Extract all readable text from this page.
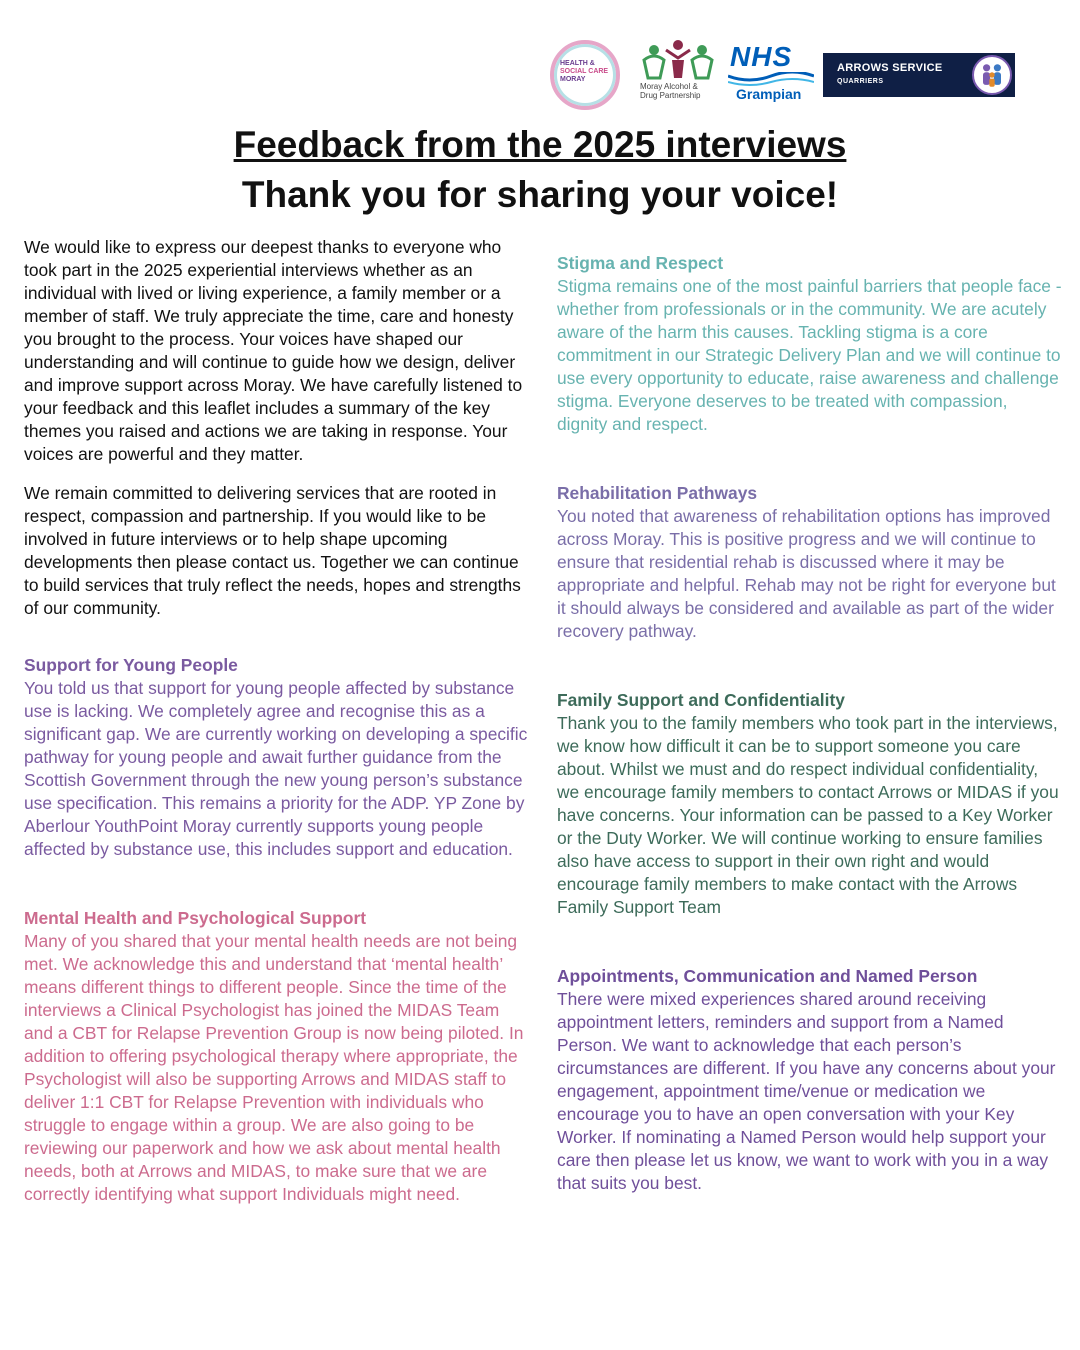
HEALTH &
SOCIAL CARE
MORAY
Moray Alcohol &
Drug Partnership
NHS
Grampian
ARROWS SERVICE
QUARRIERS
Feedback from the 2025 interviews
Thank you for sharing your voice!

We would like to express our deepest thanks to everyone who took part in the 2025 experiential interviews whether as an individual with lived or living experience, a family member or a member of staff. We truly appreciate the time, care and honesty you brought to the process. Your voices have shaped our understanding and will continue to guide how we design, deliver and improve support across Moray. We have carefully listened to your feedback and this leaflet includes a summary of the key themes you raised and actions we are taking in response. Your voices are powerful and they matter.

We remain committed to delivering services that are rooted in respect, compassion and partnership. If you would like to be involved in future interviews or to help shape upcoming developments then please contact us. Together we can continue to build services that truly reflect the needs, hopes and strengths of our community.

Support for Young People
You told us that support for young people affected by substance use is lacking. We completely agree and recognise this as a significant gap. We are currently working on developing a specific pathway for young people and await further guidance from the Scottish Government through the new young person’s substance use specification. This remains a priority for the ADP. YP Zone by Aberlour YouthPoint Moray currently supports young people affected by substance use, this includes support and education.
Mental Health and Psychological Support
Many of you shared that your mental health needs are not being met. We acknowledge this and understand that ‘mental health’ means different things to different people. Since the time of the interviews a Clinical Psychologist has joined the MIDAS Team and a CBT for Relapse Prevention Group is now being piloted. In addition to offering psychological therapy where appropriate, the Psychologist will also be supporting Arrows and MIDAS staff to deliver 1:1 CBT for Relapse Prevention with individuals who struggle to engage within a group. We are also going to be reviewing our paperwork and how we ask about mental health needs, both at Arrows and MIDAS, to make sure that we are correctly identifying what support Individuals might need.
Stigma and Respect
Stigma remains one of the most painful barriers that people face - whether from professionals or in the community. We are acutely aware of the harm this causes. Tackling stigma is a core commitment in our Strategic Delivery Plan and we will continue to use every opportunity to educate, raise awareness and challenge stigma. Everyone deserves to be treated with compassion, dignity and respect.
Rehabilitation Pathways
You noted that awareness of rehabilitation options has improved across Moray. This is positive progress and we will continue to ensure that residential rehab is discussed where it may be appropriate and helpful. Rehab may not be right for everyone but it should always be considered and available as part of the wider recovery pathway.
Family Support and Confidentiality
Thank you to the family members who took part in the interviews, we know how difficult it can be to support someone you care about. Whilst we must and do respect individual confidentiality, we encourage family members to contact Arrows or MIDAS if you have concerns. Your information can be passed to a Key Worker or the Duty Worker. We will continue working to ensure families also have access to support in their own right and would encourage family members to make contact with the Arrows Family Support Team
Appointments, Communication and Named Person
There were mixed experiences shared around receiving appointment letters, reminders and support from a Named Person. We want to acknowledge that each person’s circumstances are different. If you have any concerns about your engagement, appointment time/venue or medication we encourage you to have an open conversation with your Key Worker. If nominating a Named Person would help support your care then please let us know, we want to work with you in a way that suits you best.
